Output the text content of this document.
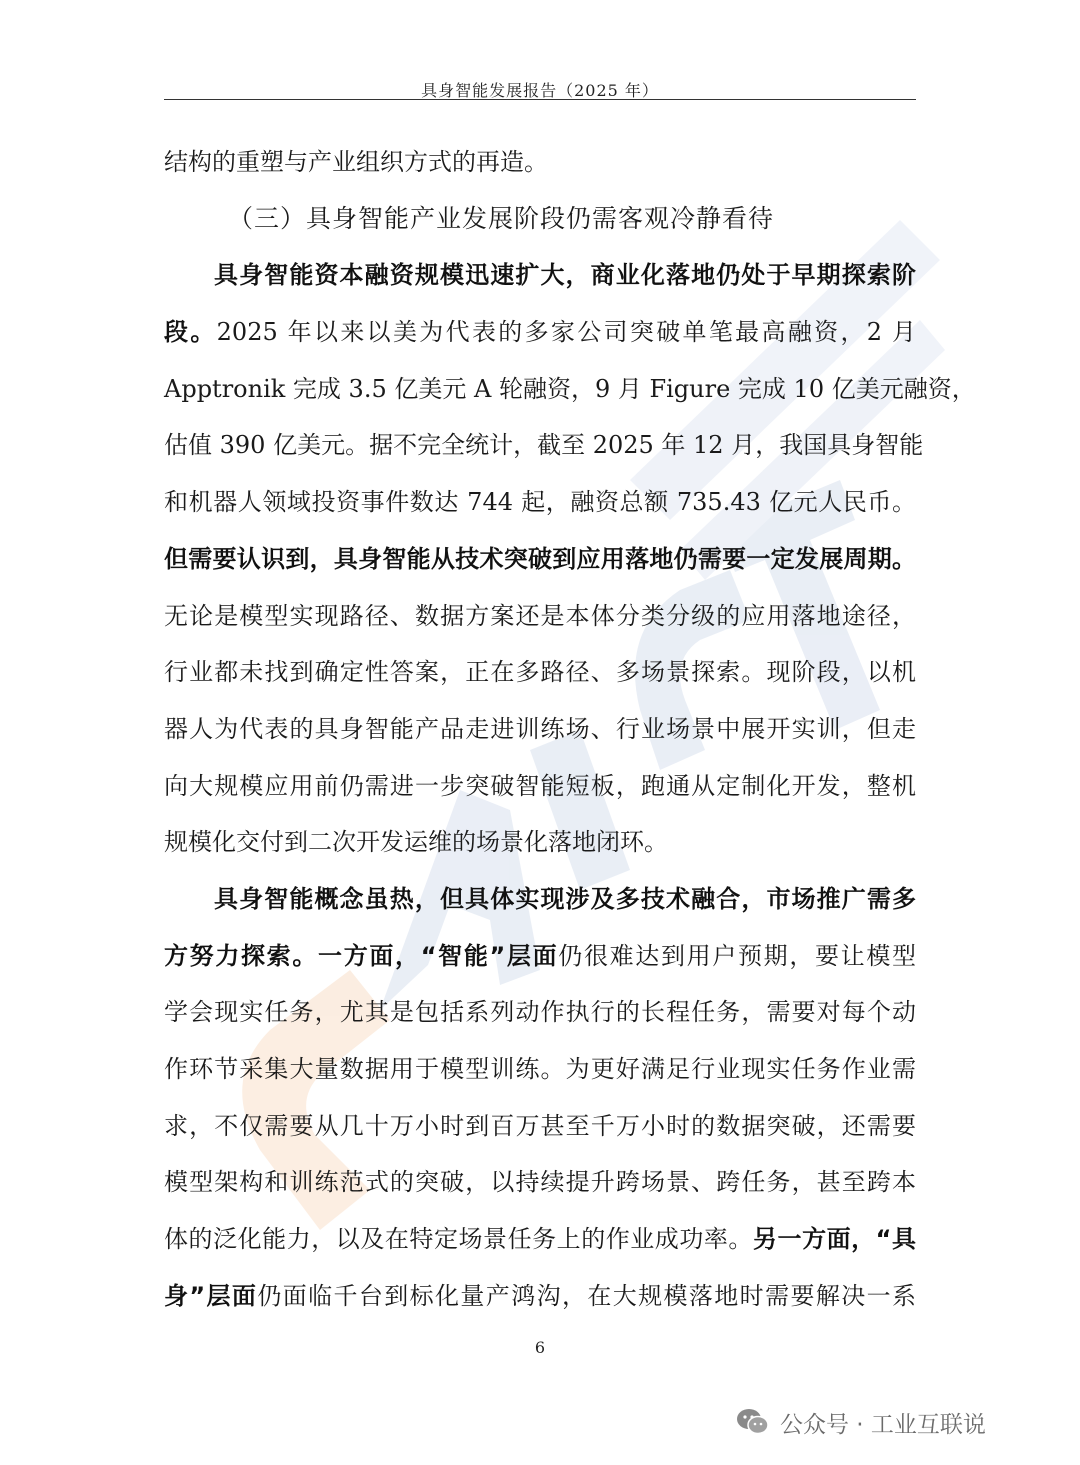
具身智能发展报告（2025 年）
结构的重塑与产业组织方式的再造。
（三）具身智能产业发展阶段仍需客观冷静看待
具身智能资本融资规模迅速扩大，商业化落地仍处于早期探索阶
段。2025 年以来以美为代表的多家公司突破单笔最高融资，2 月
Apptronik 完成 3.5 亿美元 A 轮融资，9 月 Figure 完成 10 亿美元融资，
估值 390 亿美元。据不完全统计，截至 2025 年 12 月，我国具身智能
和机器人领域投资事件数达 744 起，融资总额 735.43 亿元人民币。
但需要认识到，具身智能从技术突破到应用落地仍需要一定发展周期。
无论是模型实现路径、数据方案还是本体分类分级的应用落地途径，
行业都未找到确定性答案，正在多路径、多场景探索。现阶段，以机
器人为代表的具身智能产品走进训练场、行业场景中展开实训，但走
向大规模应用前仍需进一步突破智能短板，跑通从定制化开发，整机
规模化交付到二次开发运维的场景化落地闭环。
具身智能概念虽热，但具体实现涉及多技术融合，市场推广需多
方努力探索。一方面，“智能”层面仍很难达到用户预期，要让模型
学会现实任务，尤其是包括系列动作执行的长程任务，需要对每个动
作环节采集大量数据用于模型训练。为更好满足行业现实任务作业需
求，不仅需要从几十万小时到百万甚至千万小时的数据突破，还需要
模型架构和训练范式的突破，以持续提升跨场景、跨任务，甚至跨本
体的泛化能力，以及在特定场景任务上的作业成功率。另一方面，“具
身”层面仍面临千台到标化量产鸿沟，在大规模落地时需要解决一系
6
公众号 · 工业互联说
